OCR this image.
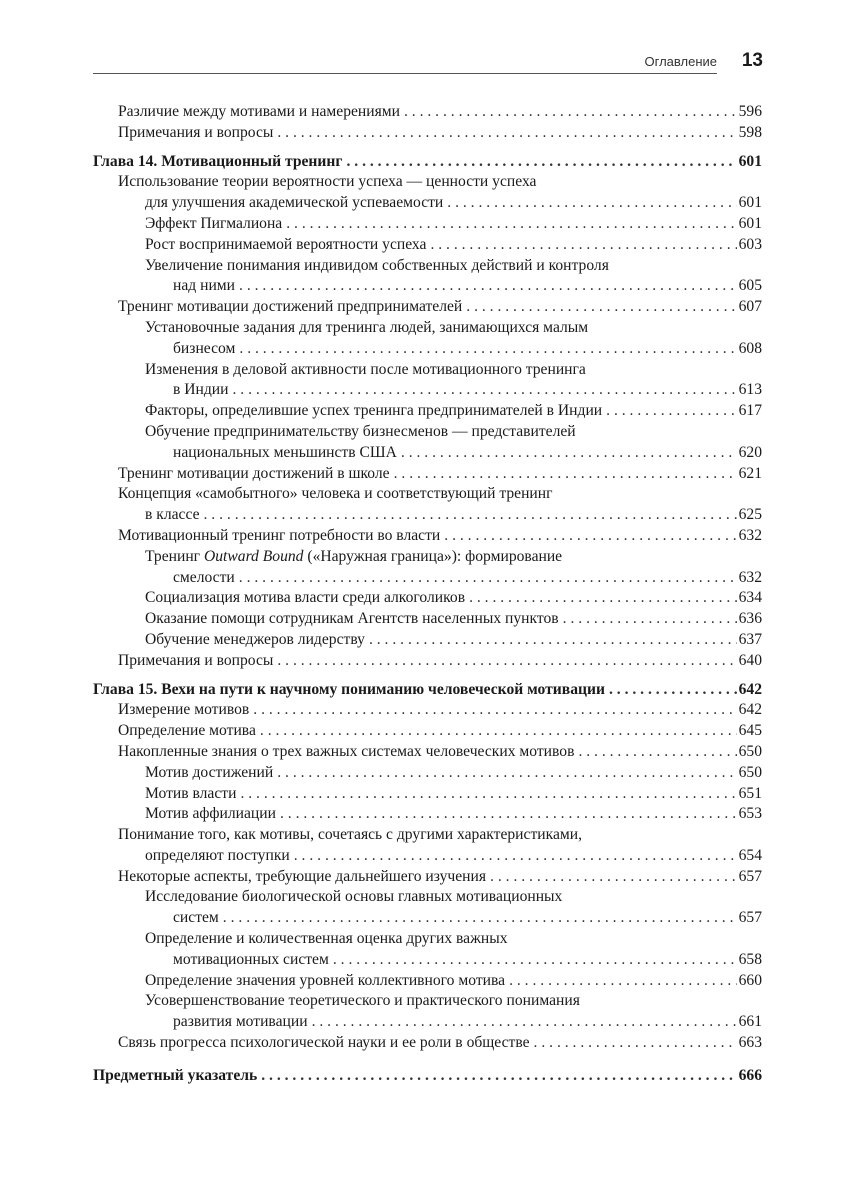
Оглавление 13
Различие между мотивами и намерениями . . .	596
Примечания и вопросы . . .	598
Глава 14. Мотивационный тренинг . . .	601
Использование теории вероятности успеха — ценности успеха
для улучшения академической успеваемости . . .	601
Эффект Пигмалиона . . .	601
Рост воспринимаемой вероятности успеха . . .	603
Увеличение понимания индивидом собственных действий и контроля
над ними . . .	605
Тренинг мотивации достижений предпринимателей . . .	607
Установочные задания для тренинга людей, занимающихся малым
бизнесом . . .	608
Изменения в деловой активности после мотивационного тренинга
в Индии . . .	613
Факторы, определившие успех тренинга предпринимателей в Индии . . .	617
Обучение предпринимательству бизнесменов — представителей
национальных меньшинств США . . .	620
Тренинг мотивации достижений в школе . . .	621
Концепция «самобытного» человека и соответствующий тренинг
в классе . . .	625
Мотивационный тренинг потребности во власти . . .	632
Тренинг Outward Bound («Наружная граница»): формирование
смелости . . .	632
Социализация мотива власти среди алкоголиков . . .	634
Оказание помощи сотрудникам Агентств населенных пунктов . . .	636
Обучение менеджеров лидерству . . .	637
Примечания и вопросы . . .	640
Глава 15. Вехи на пути к научному пониманию человеческой мотивации . . .	642
Измерение мотивов . . .	642
Определение мотива . . .	645
Накопленные знания о трех важных системах человеческих мотивов . . .	650
Мотив достижений . . .	650
Мотив власти . . .	651
Мотив аффилиации . . .	653
Понимание того, как мотивы, сочетаясь с другими характеристиками,
определяют поступки . . .	654
Некоторые аспекты, требующие дальнейшего изучения . . .	657
Исследование биологической основы главных мотивационных
систем . . .	657
Определение и количественная оценка других важных
мотивационных систем . . .	658
Определение значения уровней коллективного мотива . . .	660
Усовершенствование теоретического и практического понимания
развития мотивации . . .	661
Связь прогресса психологической науки и ее роли в обществе . . .	663
Предметный указатель . . .	666
